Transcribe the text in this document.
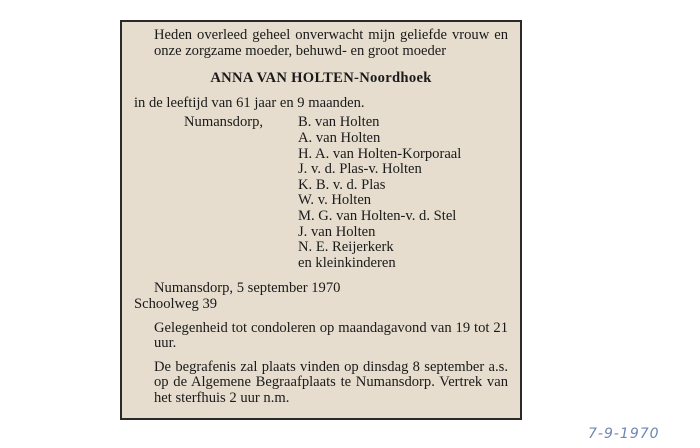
Heden overleed geheel onverwacht mijn geliefde vrouw en onze zorgzame moeder, behuwd- en groot moeder

ANNA VAN HOLTEN-Noordhoek

in de leeftijd van 61 jaar en 9 maanden.

Numansdorp,	B. van Holten
A. van Holten
H. A. van Holten-Korporaal
J. v. d. Plas-v. Holten
K. B. v. d. Plas
W. v. Holten
M. G. van Holten-v. d. Stel
J. van Holten
N. E. Reijerkerk
en kleinkinderen

Numansdorp, 5 september 1970

Schoolweg 39

Gelegenheid tot condoleren op maandagavond van 19 tot 21 uur.

De begrafenis zal plaats vinden op dinsdag 8 september a.s. op de Algemene Begraafplaats te Numansdorp. Vertrek van het sterfhuis 2 uur n.m.

7-9-1970
